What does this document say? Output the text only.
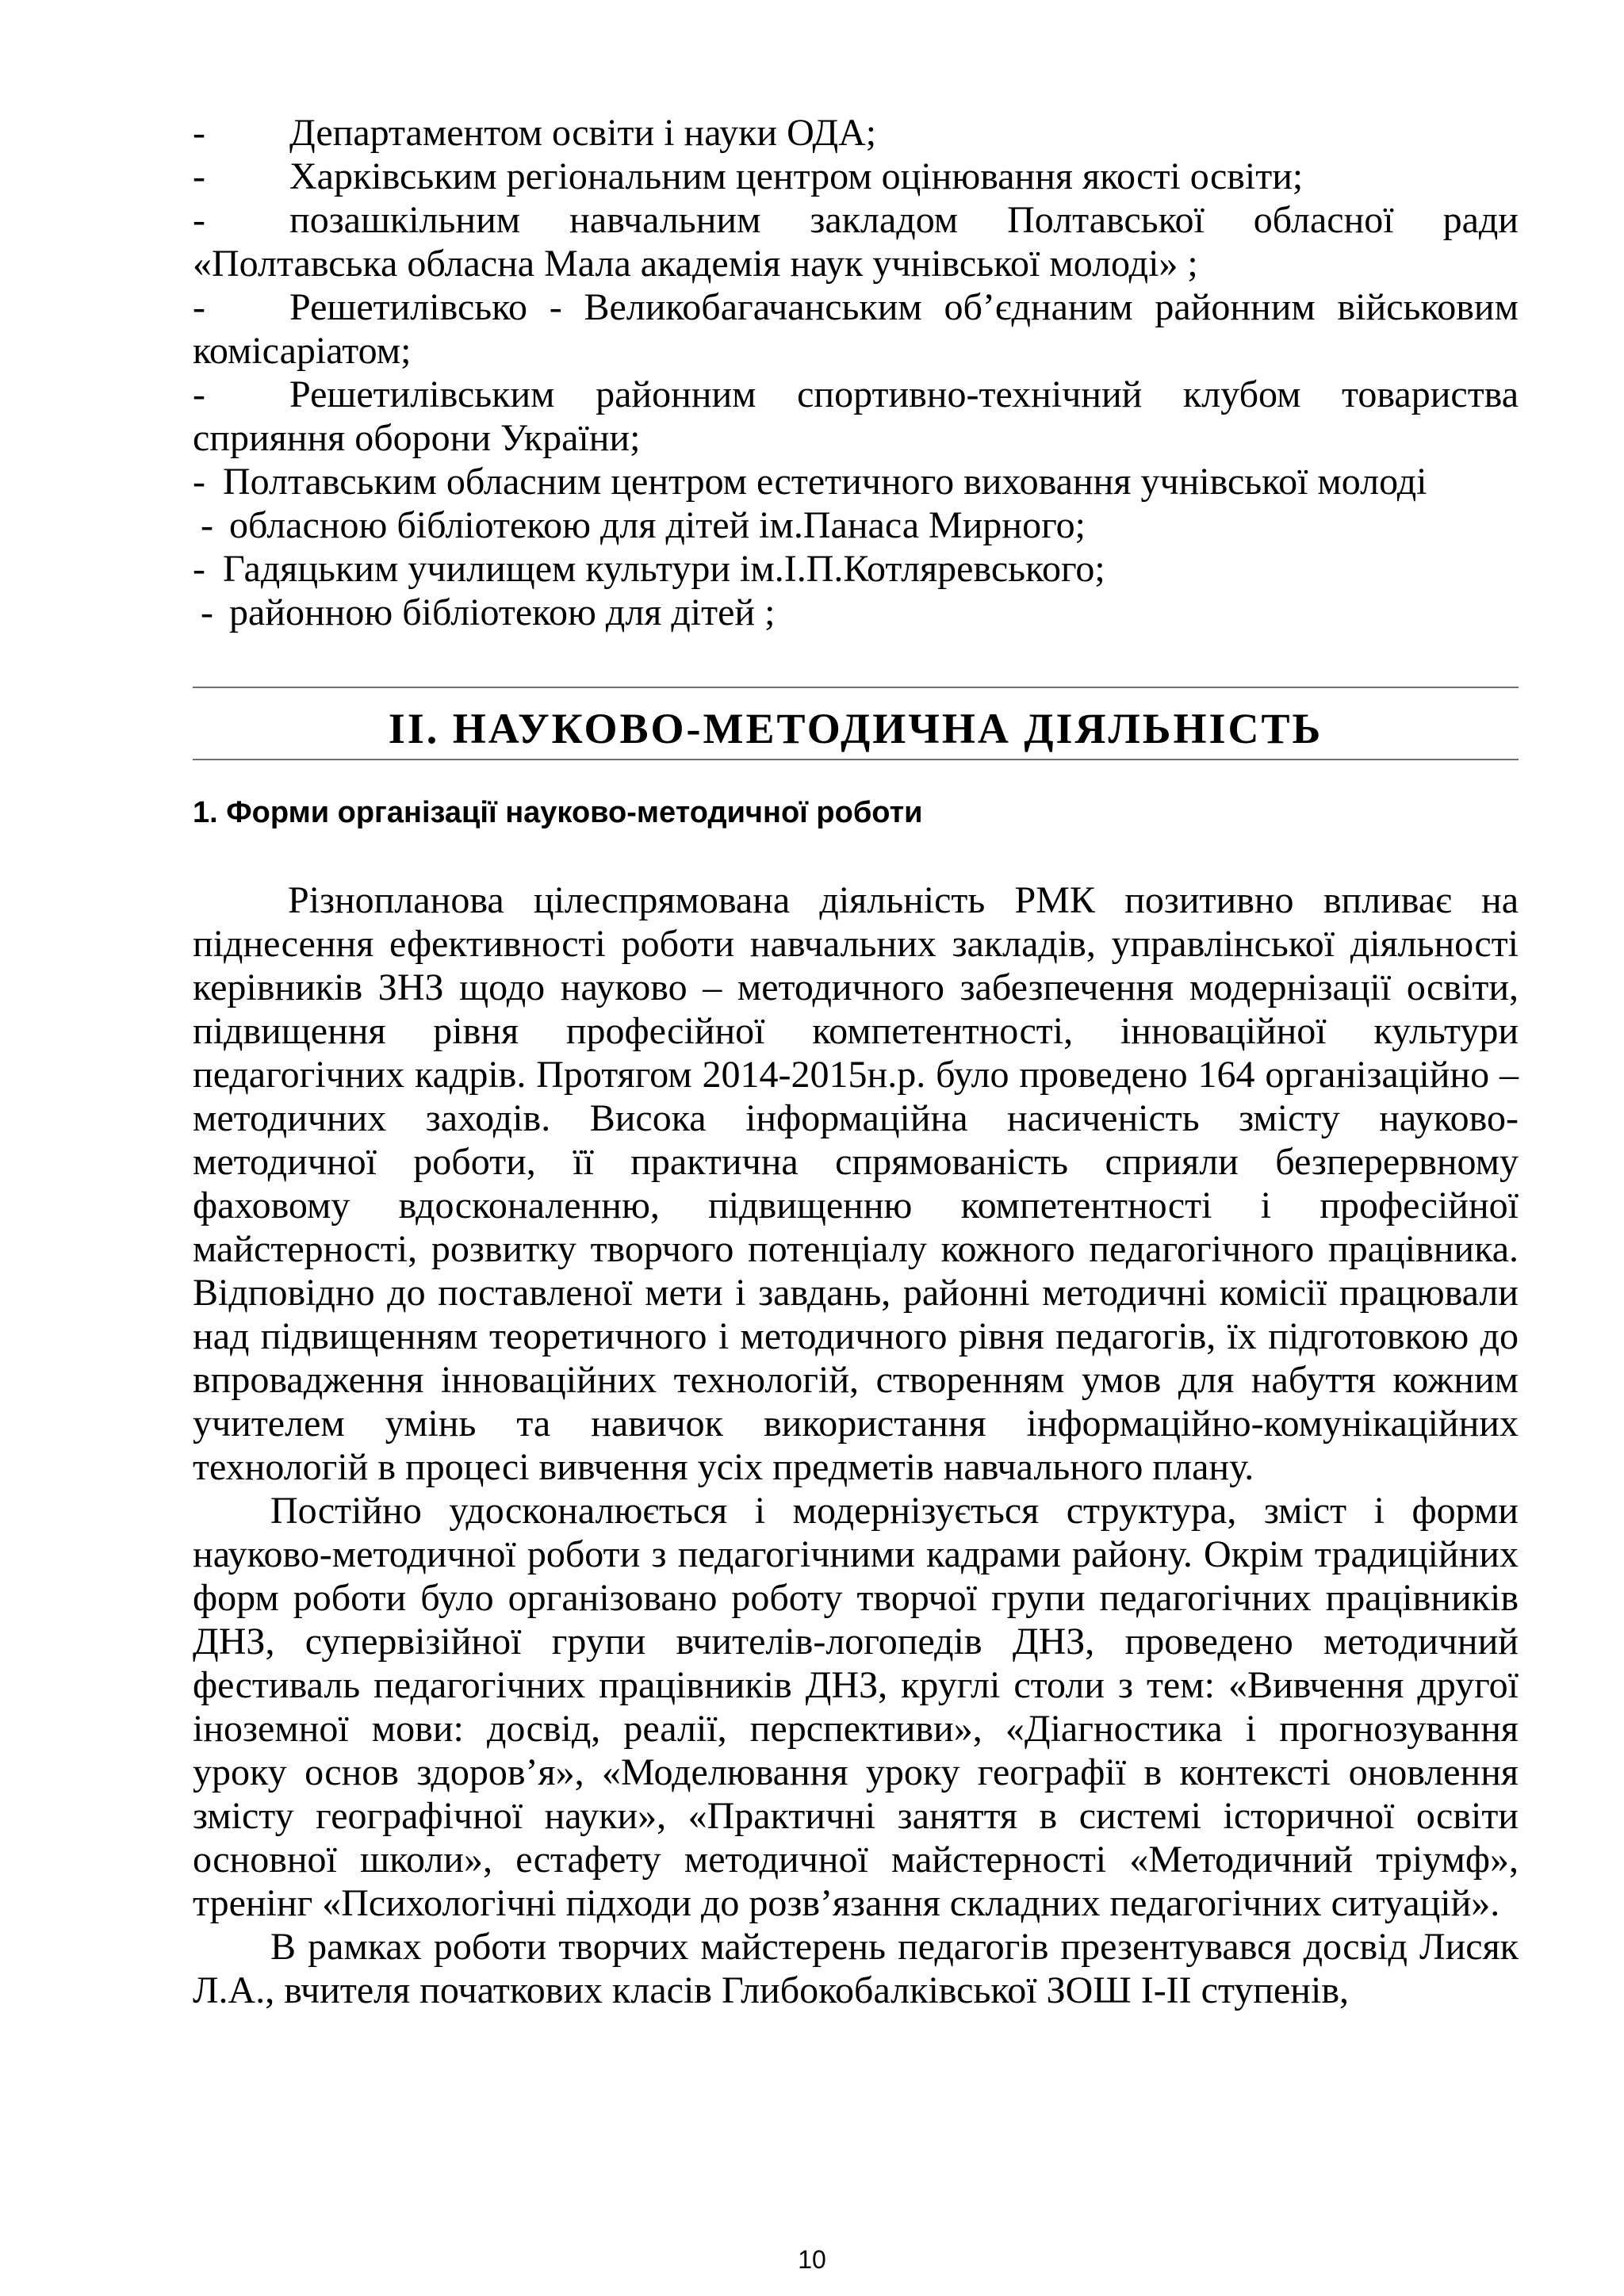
- Департаментом освіти і науки ОДА;
- Харківським регіональним центром оцінювання якості освіти;
- позашкільним навчальним закладом Полтавської обласної ради «Полтавська обласна Мала академія наук учнівської молоді» ;
- Решетилівсько - Великобагачанським об’єднаним районним військовим комісаріатом;
- Решетилівським районним спортивно-технічний клубом товариства сприяння оборони України;
- Полтавським обласним центром естетичного виховання учнівської молоді
- обласною бібліотекою для дітей ім.Панаса Мирного;
- Гадяцьким училищем культури ім.І.П.Котляревського;
- районною бібліотекою для дітей ;
ІІ. НАУКОВО-МЕТОДИЧНА ДІЯЛЬНІСТЬ
1. Форми організації науково-методичної роботи

Різнопланова цілеспрямована діяльність РМК позитивно впливає на піднесення ефективності роботи навчальних закладів, управлінської діяльності керівників ЗНЗ щодо науково – методичного забезпечення модернізації освіти, підвищення рівня професійної компетентності, інноваційної культури педагогічних кадрів. Протягом 2014-2015н.р. було проведено 164 організаційно – методичних заходів. Висока інформаційна насиченість змісту науково-методичної роботи, її практична спрямованість сприяли безперервному фаховому вдосконаленню, підвищенню компетентності і професійної майстерності, розвитку творчого потенціалу кожного педагогічного працівника. Відповідно до поставленої мети і завдань, районні методичні комісії працювали над підвищенням теоретичного і методичного рівня педагогів, їх підготовкою до впровадження інноваційних технологій, створенням умов для набуття кожним учителем умінь та навичок використання інформаційно-комунікаційних технологій в процесі вивчення усіх предметів навчального плану.

Постійно удосконалюється і модернізується структура, зміст і форми науково-методичної роботи з педагогічними кадрами району. Окрім традиційних форм роботи було організовано роботу творчої групи педагогічних працівників ДНЗ, супервізійної групи вчителів-логопедів ДНЗ, проведено методичний фестиваль педагогічних працівників ДНЗ, круглі столи з тем: «Вивчення другої іноземної мови: досвід, реалії, перспективи», «Діагностика і прогнозування уроку основ здоров’я», «Моделювання уроку географії в контексті оновлення змісту географічної науки», «Практичні заняття в системі історичної освіти основної школи», естафету методичної майстерності «Методичний тріумф», тренінг «Психологічні підходи до розв’язання складних педагогічних ситуацій».

В рамках роботи творчих майстерень педагогів презентувався досвід Лисяк Л.А., вчителя початкових класів Глибокобалківської ЗОШ І-ІІ ступенів,

10
